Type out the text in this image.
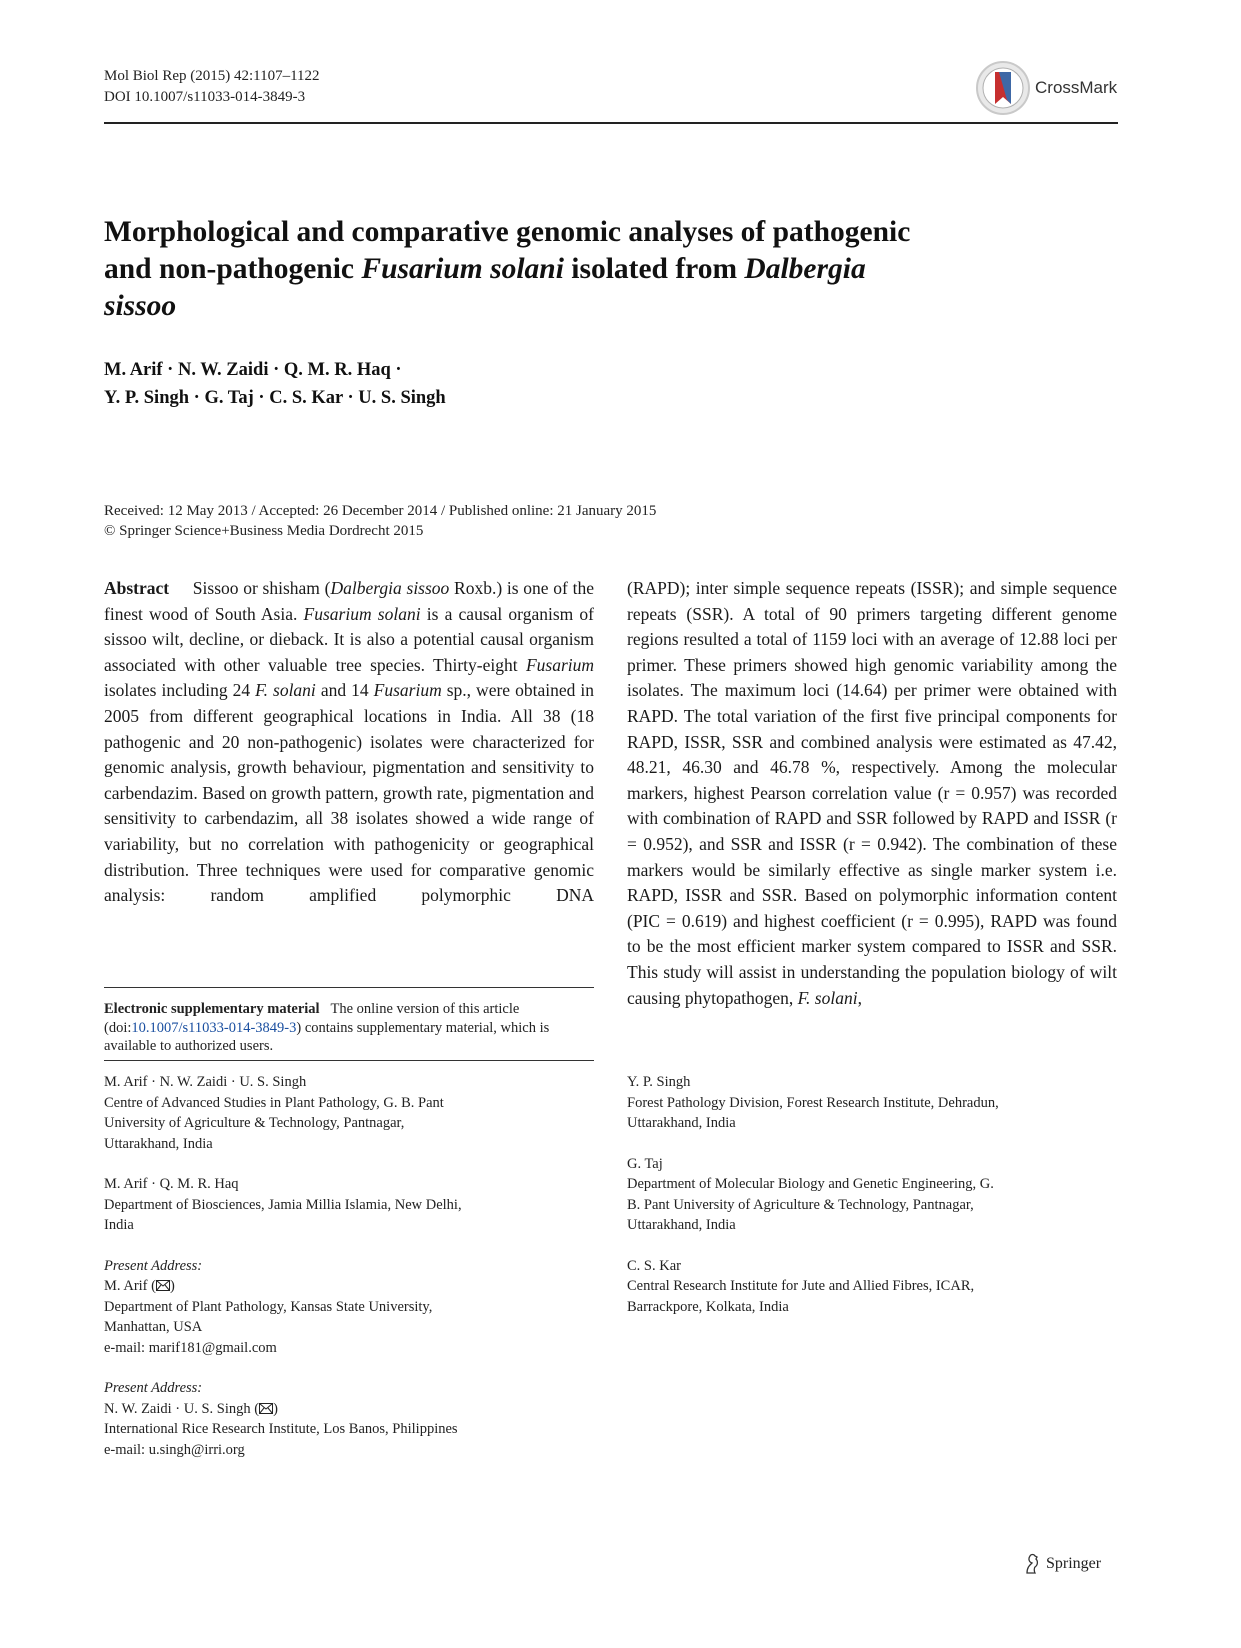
Mol Biol Rep (2015) 42:1107–1122
DOI 10.1007/s11033-014-3849-3	CrossMark
Morphological and comparative genomic analyses of pathogenic
and non-pathogenic Fusarium solani isolated from Dalbergia
sissoo
M. Arif · N. W. Zaidi · Q. M. R. Haq ·
Y. P. Singh · G. Taj · C. S. Kar · U. S. Singh
Received: 12 May 2013 / Accepted: 26 December 2014 / Published online: 21 January 2015
© Springer Science+Business Media Dordrecht 2015

Abstract Sissoo or shisham (Dalbergia sissoo Roxb.) is one of the finest wood of South Asia. Fusarium solani is a causal organism of sissoo wilt, decline, or dieback. It is also a potential causal organism associated with other valuable tree species. Thirty-eight Fusarium isolates including 24 F. solani and 14 Fusarium sp., were obtained in 2005 from different geographical locations in India. All 38 (18 pathogenic and 20 non-pathogenic) isolates were characterized for genomic analysis, growth behaviour, pigmentation and sensitivity to carbendazim. Based on growth pattern, growth rate, pigmentation and sensitivity to carbendazim, all 38 isolates showed a wide range of variability, but no correlation with pathogenicity or geographical distribution. Three techniques were used for comparative genomic analysis: random amplified polymorphic DNA

(RAPD); inter simple sequence repeats (ISSR); and simple sequence repeats (SSR). A total of 90 primers targeting different genome regions resulted a total of 1159 loci with an average of 12.88 loci per primer. These primers showed high genomic variability among the isolates. The maximum loci (14.64) per primer were obtained with RAPD. The total variation of the first five principal components for RAPD, ISSR, SSR and combined analysis were estimated as 47.42, 48.21, 46.30 and 46.78 %, respectively. Among the molecular markers, highest Pearson correlation value (r = 0.957) was recorded with combination of RAPD and SSR followed by RAPD and ISSR (r = 0.952), and SSR and ISSR (r = 0.942). The combination of these markers would be similarly effective as single marker system i.e. RAPD, ISSR and SSR. Based on polymorphic information content (PIC = 0.619) and highest coefficient (r = 0.995), RAPD was found to be the most efficient marker system compared to ISSR and SSR. This study will assist in understanding the population biology of wilt causing phytopathogen, F. solani,

Electronic supplementary material The online version of this article (doi:10.1007/s11033-014-3849-3) contains supplementary material, which is available to authorized users.
M. Arif · N. W. Zaidi · U. S. Singh
Centre of Advanced Studies in Plant Pathology, G. B. Pant
University of Agriculture & Technology, Pantnagar,
Uttarakhand, India
M. Arif · Q. M. R. Haq
Department of Biosciences, Jamia Millia Islamia, New Delhi,
India
Present Address:
M. Arif ( )
Department of Plant Pathology, Kansas State University,
Manhattan, USA
e-mail: marif181@gmail.com
Present Address:
N. W. Zaidi · U. S. Singh ( )
International Rice Research Institute, Los Banos, Philippines
e-mail: u.singh@irri.org
Y. P. Singh
Forest Pathology Division, Forest Research Institute, Dehradun,
Uttarakhand, India
G. Taj
Department of Molecular Biology and Genetic Engineering, G.
B. Pant University of Agriculture & Technology, Pantnagar,
Uttarakhand, India
C. S. Kar
Central Research Institute for Jute and Allied Fibres, ICAR,
Barrackpore, Kolkata, India
Springer
